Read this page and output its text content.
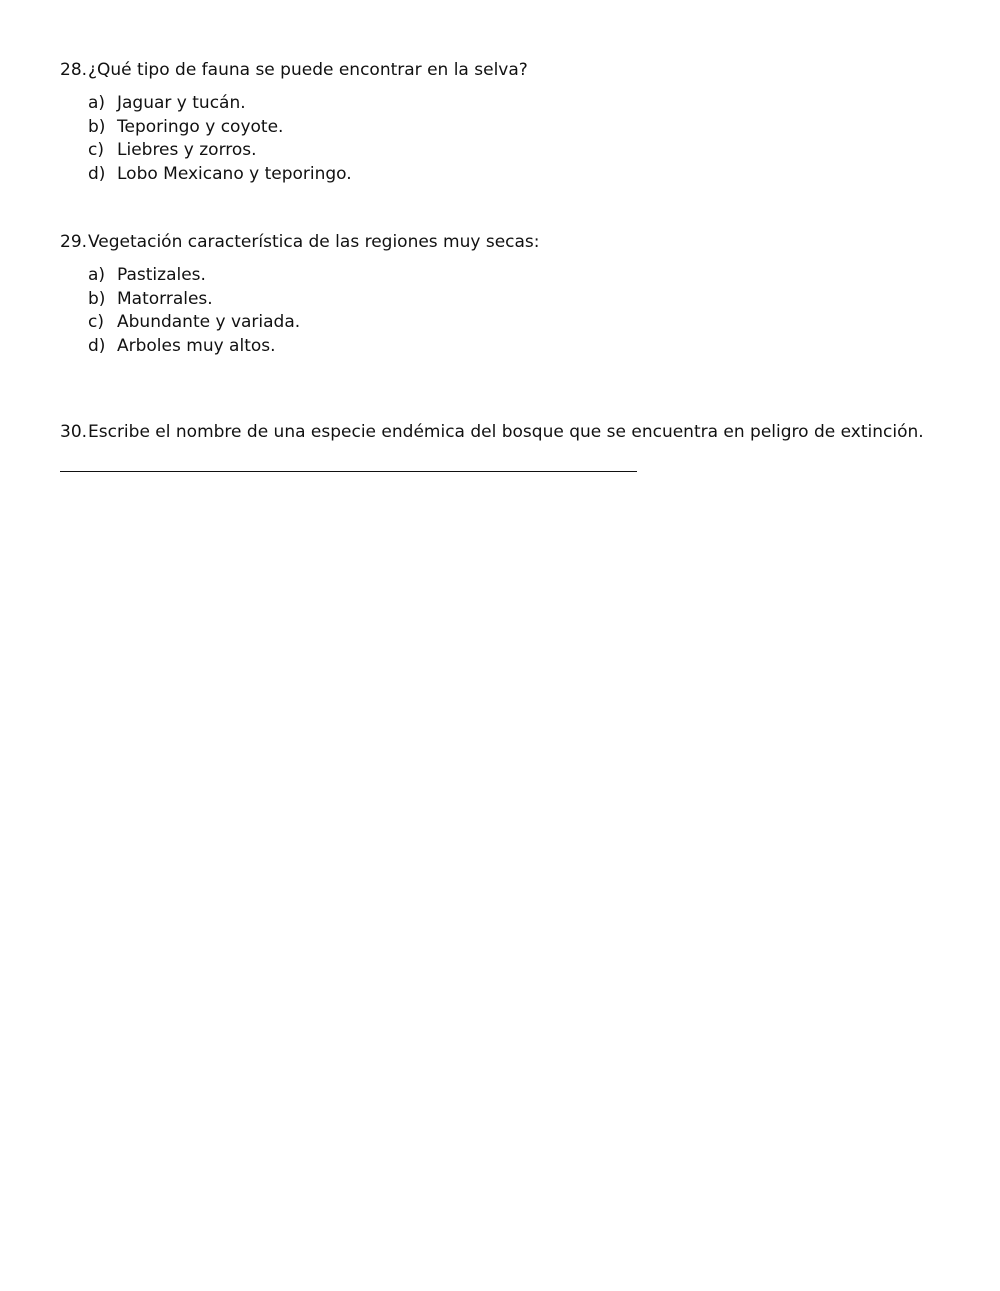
28. ¿Qué tipo de fauna se puede encontrar en la selva?
a) Jaguar y tucán.
b) Teporingo y coyote.
c) Liebres y zorros.
d) Lobo Mexicano y teporingo.
29. Vegetación característica de las regiones muy secas:
a) Pastizales.
b) Matorrales.
c) Abundante y variada.
d) Arboles muy altos.
30. Escribe el nombre de una especie endémica del bosque que se encuentra en peligro de extinción.
